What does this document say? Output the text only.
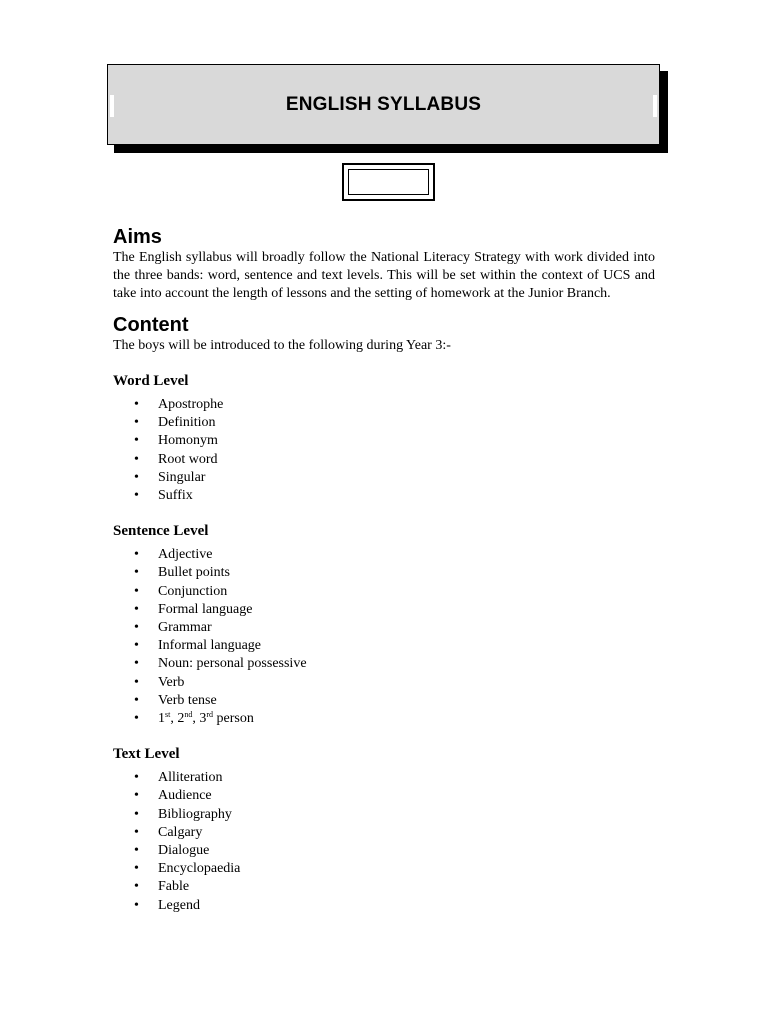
ENGLISH SYLLABUS
Aims

The English syllabus will broadly follow the National Literacy Strategy with work divided into the three bands: word, sentence and text levels. This will be set within the context of UCS and take into account the length of lessons and the setting of homework at the Junior Branch.

Content

The boys will be introduced to the following during Year 3:-

Word Level
• Apostrophe
• Definition
• Homonym
• Root word
• Singular
• Suffix
Sentence Level
• Adjective
• Bullet points
• Conjunction
• Formal language
• Grammar
• Informal language
• Noun: personal possessive
• Verb
• Verb tense
• 1st, 2nd, 3rd person
Text Level
• Alliteration
• Audience
• Bibliography
• Calgary
• Dialogue
• Encyclopaedia
• Fable
• Legend
